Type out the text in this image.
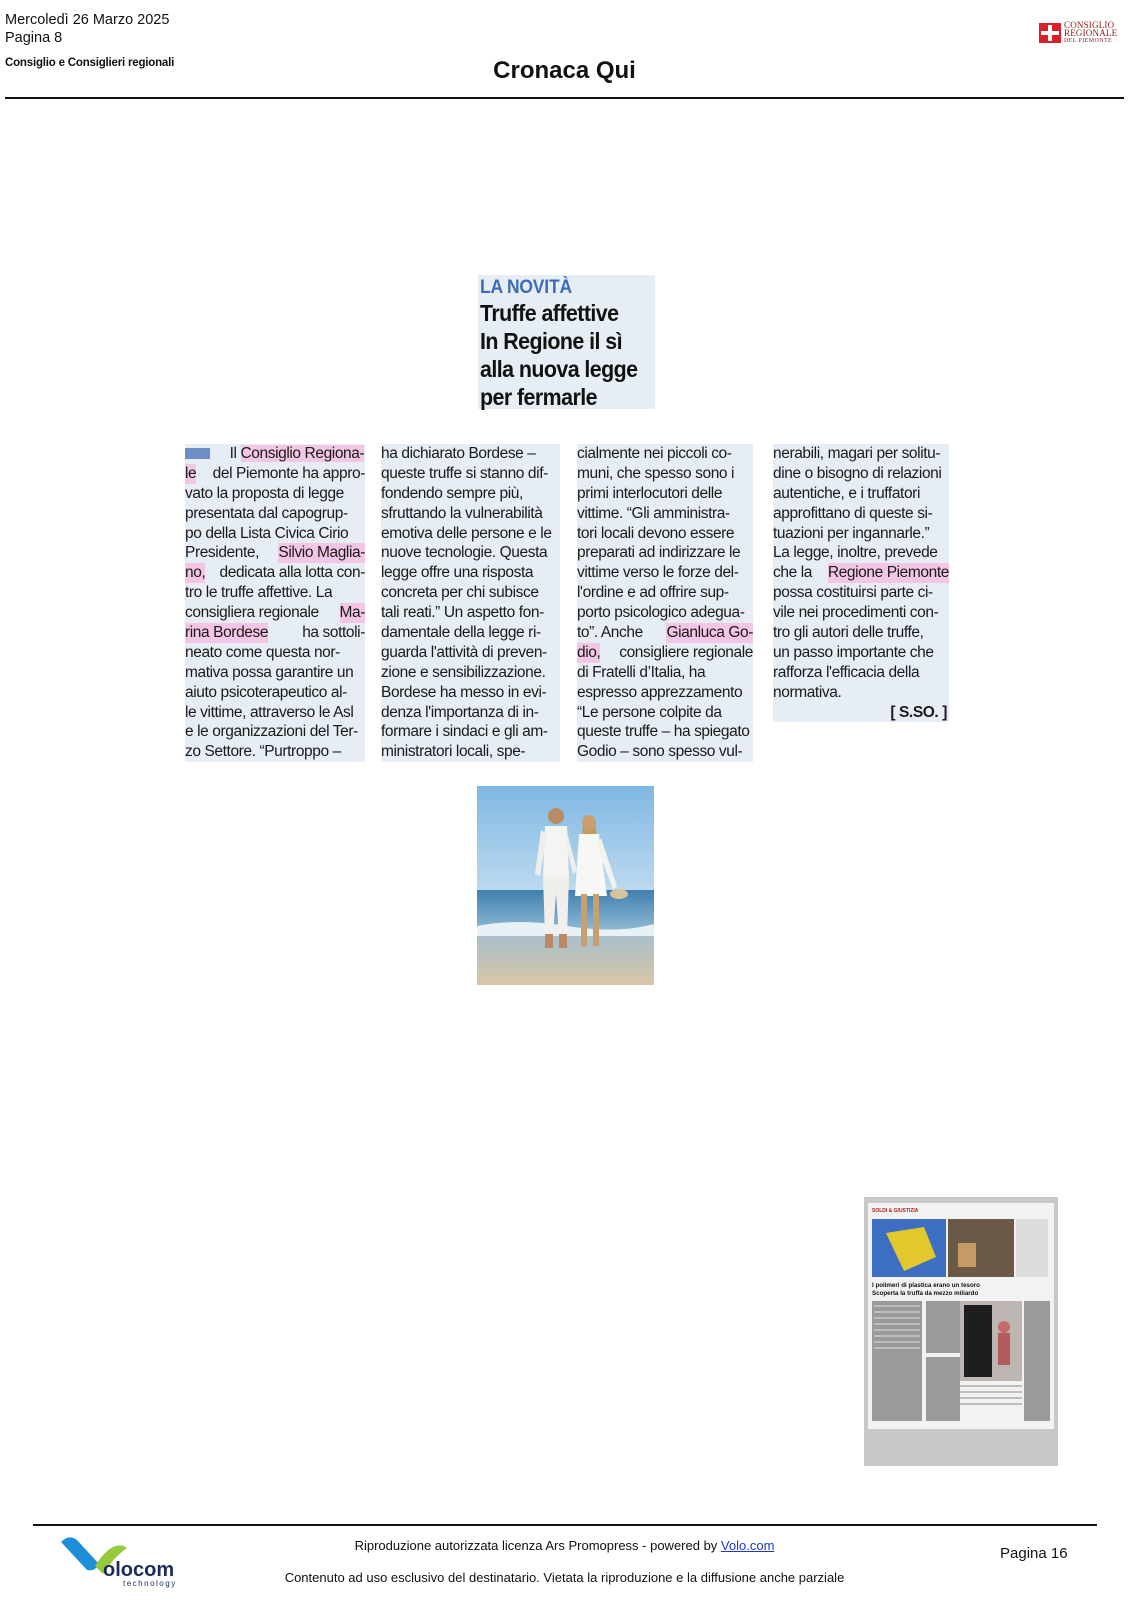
Mercoledì 26 Marzo 2025
Pagina 8
Consiglio e Consiglieri regionali	Cronaca Qui
CONSIGLIO
REGIONALE
DEL PIEMONTE
LA NOVITÀ
Truffe affettive
In Regione il sì
alla nuova legge
per fermarle
Il Consiglio Regiona-
le del Piemonte ha appro-
vato la proposta di legge
presentata dal capogrup-
po della Lista Civica Cirio
Presidente, Silvio Maglia-
no, dedicata alla lotta con-
tro le truffe affettive. La
consigliera regionale Ma-
rina Bordese ha sottoli-
neato come questa nor-
mativa possa garantire un
aiuto psicoterapeutico al-
le vittime, attraverso le Asl
e le organizzazioni del Ter-
zo Settore. “Purtroppo –
ha dichiarato Bordese –
queste truffe si stanno dif-
fondendo sempre più,
sfruttando la vulnerabilità
emotiva delle persone e le
nuove tecnologie. Questa
legge offre una risposta
concreta per chi subisce
tali reati.” Un aspetto fon-
damentale della legge ri-
guarda l'attività di preven-
zione e sensibilizzazione.
Bordese ha messo in evi-
denza l'importanza di in-
formare i sindaci e gli am-
ministratori locali, spe-
cialmente nei piccoli co-
muni, che spesso sono i
primi interlocutori delle
vittime. “Gli amministra-
tori locali devono essere
preparati ad indirizzare le
vittime verso le forze del-
l'ordine e ad offrire sup-
porto psicologico adegua-
to”. Anche Gianluca Go-
dio, consigliere regionale
di Fratelli d’Italia, ha
espresso apprezzamento
“Le persone colpite da
queste truffe – ha spiegato
Godio – sono spesso vul-
nerabili, magari per solitu-
dine o bisogno di relazioni
autentiche, e i truffatori
approfittano di queste si-
tuazioni per ingannarle.”
La legge, inoltre, prevede
che la Regione Piemonte
possa costituirsi parte ci-
vile nei procedimenti con-
tro gli autori delle truffe,
un passo importante che
rafforza l'efficacia della
normativa.
[ S.SO. ]
SOLDI & GIUSTIZIA
I polimeri di plastica erano un tesoro
Scoperta la truffa da mezzo miliardo
olocom
technology
Riproduzione autorizzata licenza Ars Promopress - powered by Volo.com
Contenuto ad uso esclusivo del destinatario. Vietata la riproduzione e la diffusione anche parziale
Pagina 16
